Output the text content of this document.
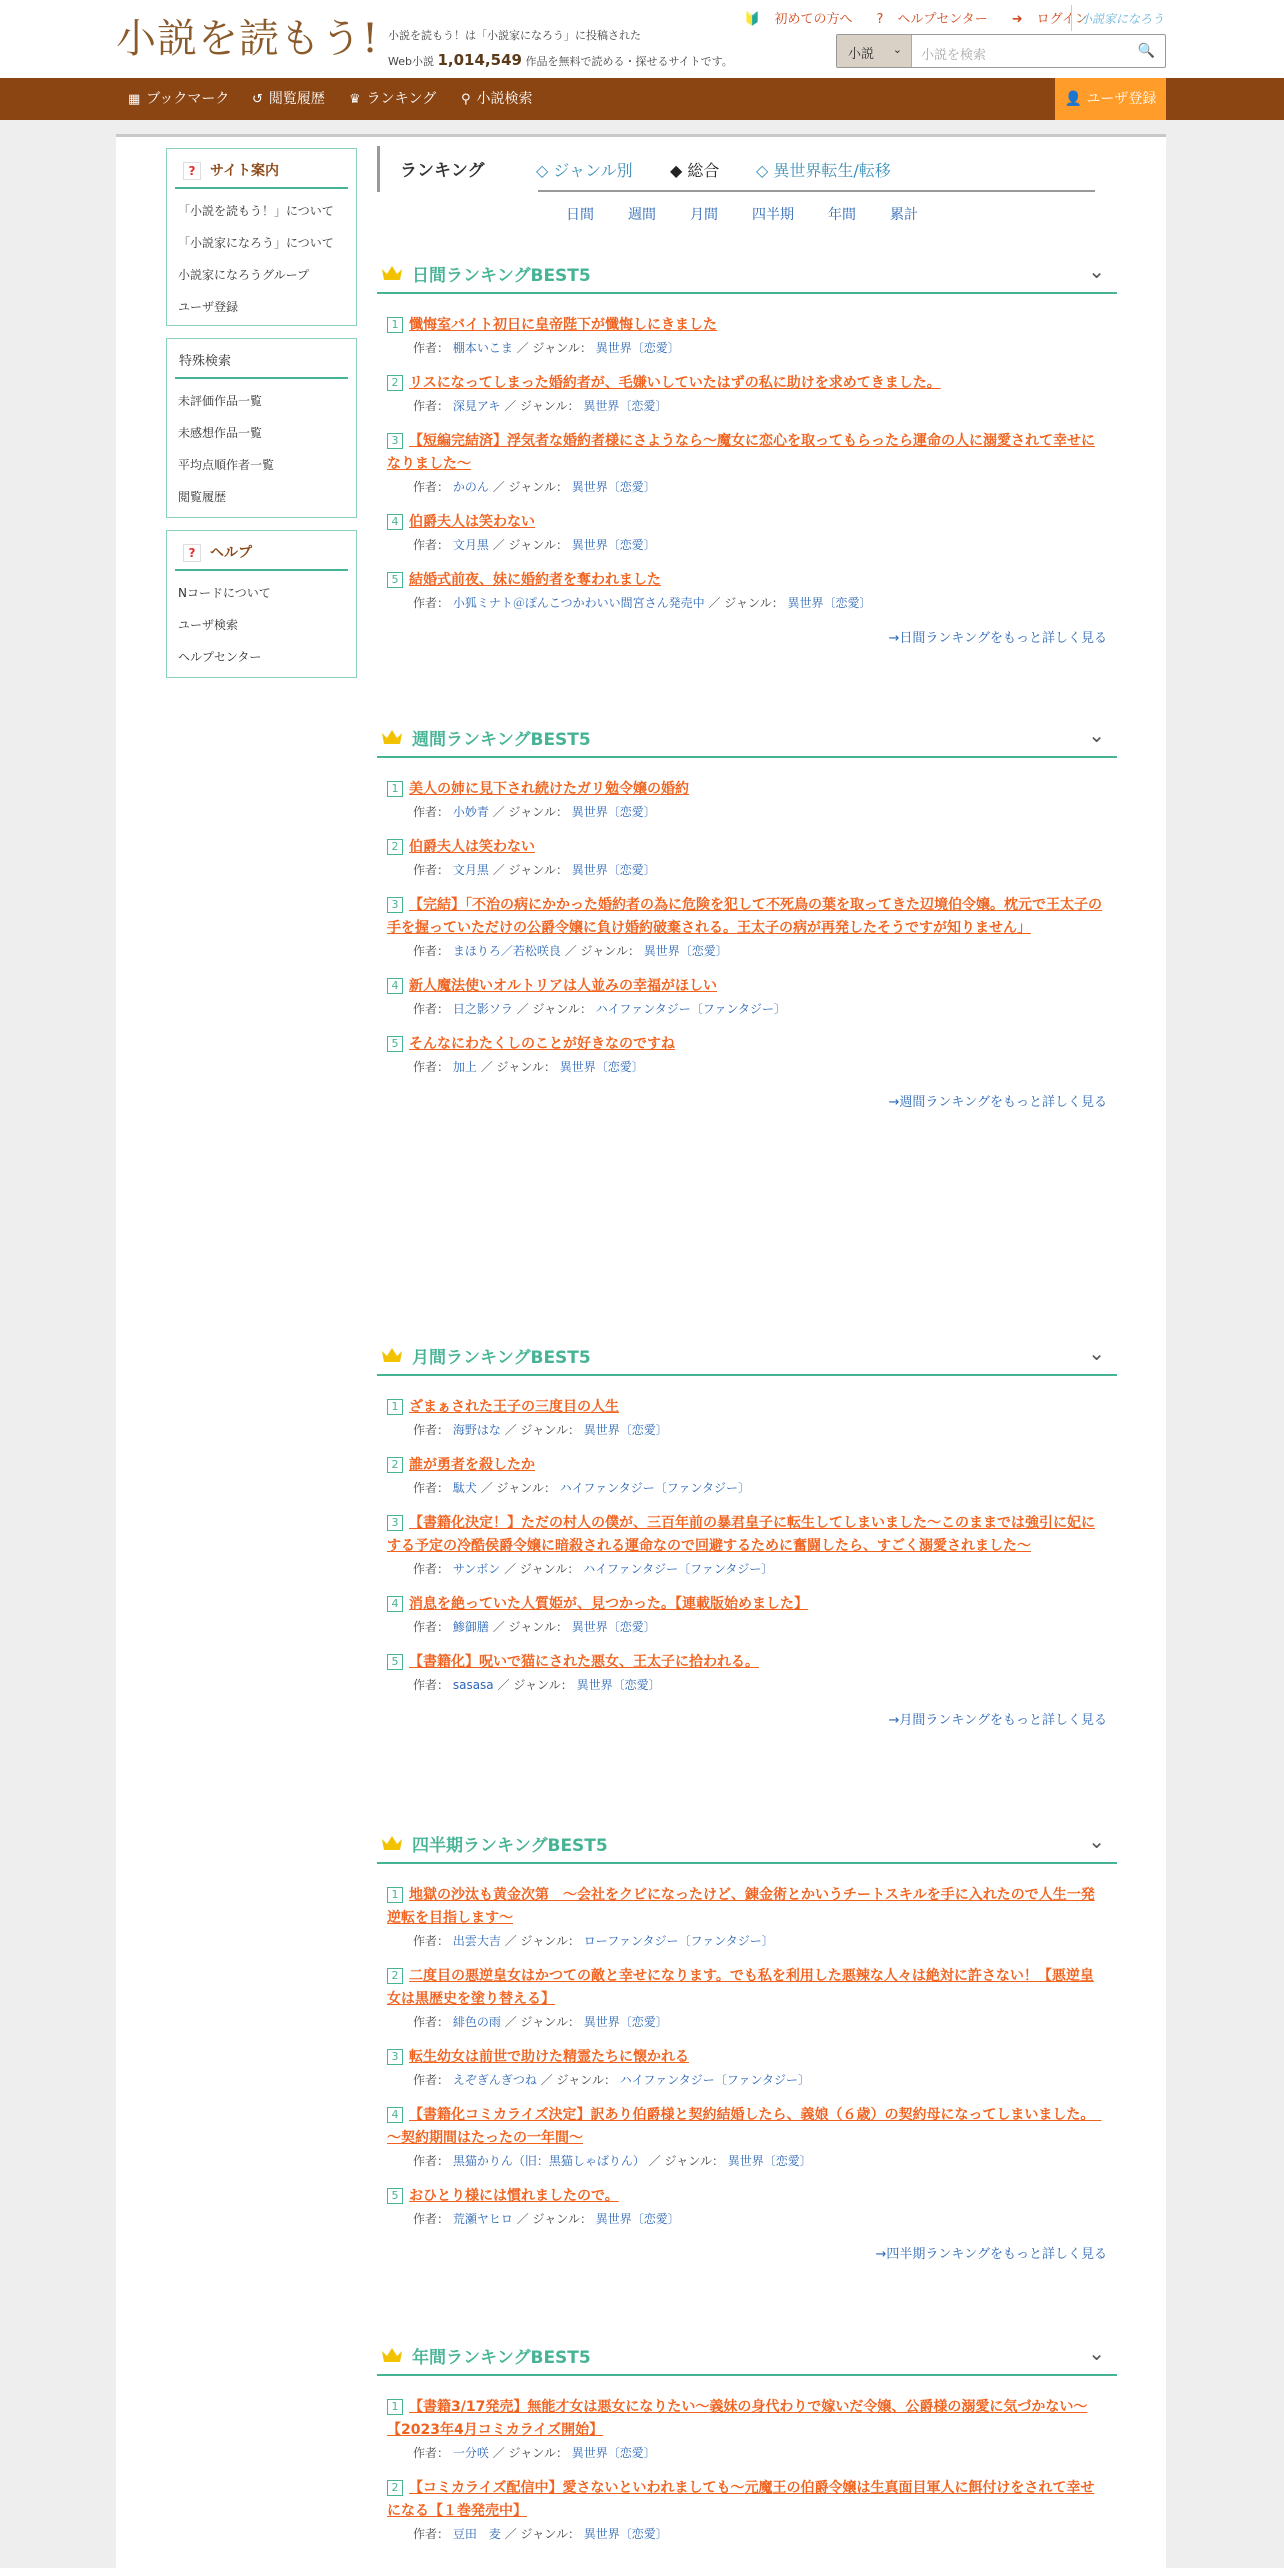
小説を読もう! 小説を読もう！は「小説家になろう」に投稿された
Web小説 1,014,549 作品を無料で読める・探せるサイトです。
🔰 初めての方へ ? ヘルプセンター ➜ ログイン
小説家になろう
小説 ⌄ 小説を検索	🔍
▦ ブックマーク ↺ 閲覧履歴 ♛ ランキング ⚲ 小説検索	👤 ユーザ登録
? サイト案内
「小説を読もう！」について
「小説家になろう」について
小説家になろうグループ
ユーザ登録
特殊検索
未評価作品一覧
未感想作品一覧
平均点順作者一覧
閲覧履歴
? ヘルプ
Nコードについて
ユーザ検索
ヘルプセンター
ランキング	◇ ジャンル別 ◆ 総合 ◇ 異世界転生/転移
日間 週間 月間 四半期 年間 累計
日間ランキングBEST5	⌄
1 懺悔室バイト初日に皇帝陛下が懺悔しにきました
作者： 棚本いこま ／ ジャンル： 異世界〔恋愛〕
2 リスになってしまった婚約者が、毛嫌いしていたはずの私に助けを求めてきました。
作者： 深見アキ ／ ジャンル： 異世界〔恋愛〕
3 【短編完結済】浮気者な婚約者様にさようなら～魔女に恋心を取ってもらったら運命の人に溺愛されて幸せになりました～
作者： かのん ／ ジャンル： 異世界〔恋愛〕
4 伯爵夫人は笑わない
作者： 文月黒 ／ ジャンル： 異世界〔恋愛〕
5 結婚式前夜、妹に婚約者を奪われました
作者： 小狐ミナト＠ぽんこつかわいい間宮さん発売中 ／ ジャンル： 異世界〔恋愛〕
→日間ランキングをもっと詳しく見る
週間ランキングBEST5	⌄
1 美人の姉に見下され続けたガリ勉令嬢の婚約
作者： 小妙青 ／ ジャンル： 異世界〔恋愛〕
2 伯爵夫人は笑わない
作者： 文月黒 ／ ジャンル： 異世界〔恋愛〕
3 【完結】「不治の病にかかった婚約者の為に危険を犯して不死鳥の葉を取ってきた辺境伯令嬢。枕元で王太子の手を握っていただけの公爵令嬢に負け婚約破棄される。王太子の病が再発したそうですが知りません」
作者： まほりろ／若松咲良 ／ ジャンル： 異世界〔恋愛〕
4 新人魔法使いオルトリアは人並みの幸福がほしい
作者： 日之影ソラ ／ ジャンル： ハイファンタジー〔ファンタジー〕
5 そんなにわたくしのことが好きなのですね
作者： 加上 ／ ジャンル： 異世界〔恋愛〕
→週間ランキングをもっと詳しく見る
月間ランキングBEST5	⌄
1 ざまぁされた王子の三度目の人生
作者： 海野はな ／ ジャンル： 異世界〔恋愛〕
2 誰が勇者を殺したか
作者： 駄犬 ／ ジャンル： ハイファンタジー〔ファンタジー〕
3 【書籍化決定！】ただの村人の僕が、三百年前の暴君皇子に転生してしまいました～このままでは強引に妃にする予定の冷酷侯爵令嬢に暗殺される運命なので回避するために奮闘したら、すごく溺愛されました～
作者： サンボン ／ ジャンル： ハイファンタジー〔ファンタジー〕
4 消息を絶っていた人質姫が、見つかった。【連載版始めました】
作者： 鯵御膳 ／ ジャンル： 異世界〔恋愛〕
5 【書籍化】呪いで猫にされた悪女、王太子に拾われる。
作者： sasasa ／ ジャンル： 異世界〔恋愛〕
→月間ランキングをもっと詳しく見る
四半期ランキングBEST5	⌄
1 地獄の沙汰も黄金次第　～会社をクビになったけど、錬金術とかいうチートスキルを手に入れたので人生一発逆転を目指します～
作者： 出雲大吉 ／ ジャンル： ローファンタジー〔ファンタジー〕
2 二度目の悪逆皇女はかつての敵と幸せになります。でも私を利用した悪辣な人々は絶対に許さない！【悪逆皇女は黒歴史を塗り替える】
作者： 緋色の雨 ／ ジャンル： 異世界〔恋愛〕
3 転生幼女は前世で助けた精霊たちに懐かれる
作者： えぞぎんぎつね ／ ジャンル： ハイファンタジー〔ファンタジー〕
4 【書籍化コミカライズ決定】訳あり伯爵様と契約結婚したら、義娘（６歳）の契約母になってしまいました。　～契約期間はたったの一年間～
作者： 黒猫かりん（旧：黒猫しゃばりん） ／ ジャンル： 異世界〔恋愛〕
5 おひとり様には慣れましたので。
作者： 荒瀬ヤヒロ ／ ジャンル： 異世界〔恋愛〕
→四半期ランキングをもっと詳しく見る
年間ランキングBEST5	⌄
1 【書籍3/17発売】無能才女は悪女になりたい～義妹の身代わりで嫁いだ令嬢、公爵様の溺愛に気づかない～【2023年4月コミカライズ開始】
作者： 一分咲 ／ ジャンル： 異世界〔恋愛〕
2 【コミカライズ配信中】愛さないといわれましても～元魔王の伯爵令嬢は生真面目軍人に餌付けをされて幸せになる【１巻発売中】
作者： 豆田　麦 ／ ジャンル： 異世界〔恋愛〕
